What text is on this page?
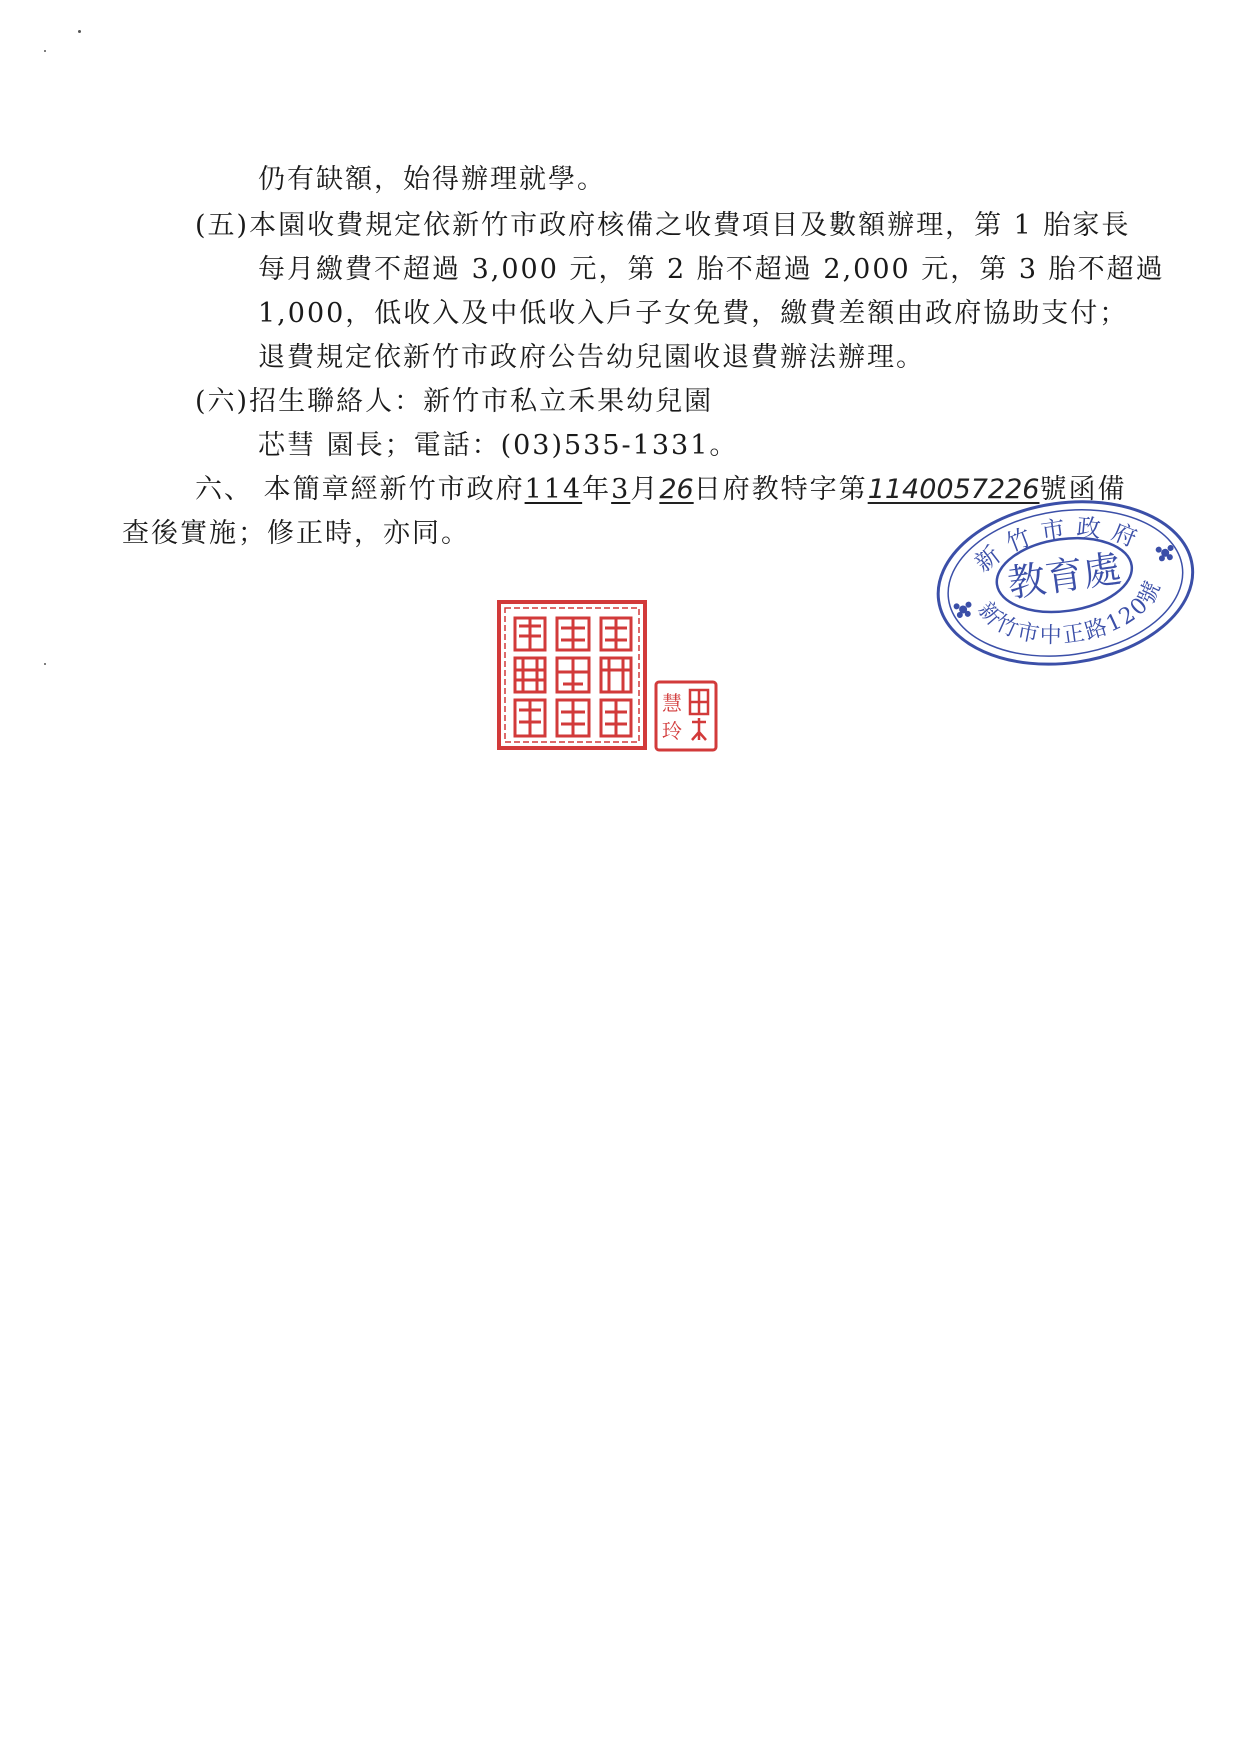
仍有缺額，始得辦理就學。
(五)本園收費規定依新竹市政府核備之收費項目及數額辦理，第 1 胎家長
每月繳費不超過 3,000 元，第 2 胎不超過 2,000 元，第 3 胎不超過
1,000，低收入及中低收入戶子女免費，繳費差額由政府協助支付；
退費規定依新竹市政府公告幼兒園收退費辦法辦理。
(六)招生聯絡人：新竹市私立禾果幼兒園
芯彗 園長；電話：(03)535-1331。
六、 本簡章經新竹市政府114年3月26日府教特字第1140057226號函備
查後實施；修正時，亦同。
新竹市政府
教育處
新竹市中正路120號
慧
玲
